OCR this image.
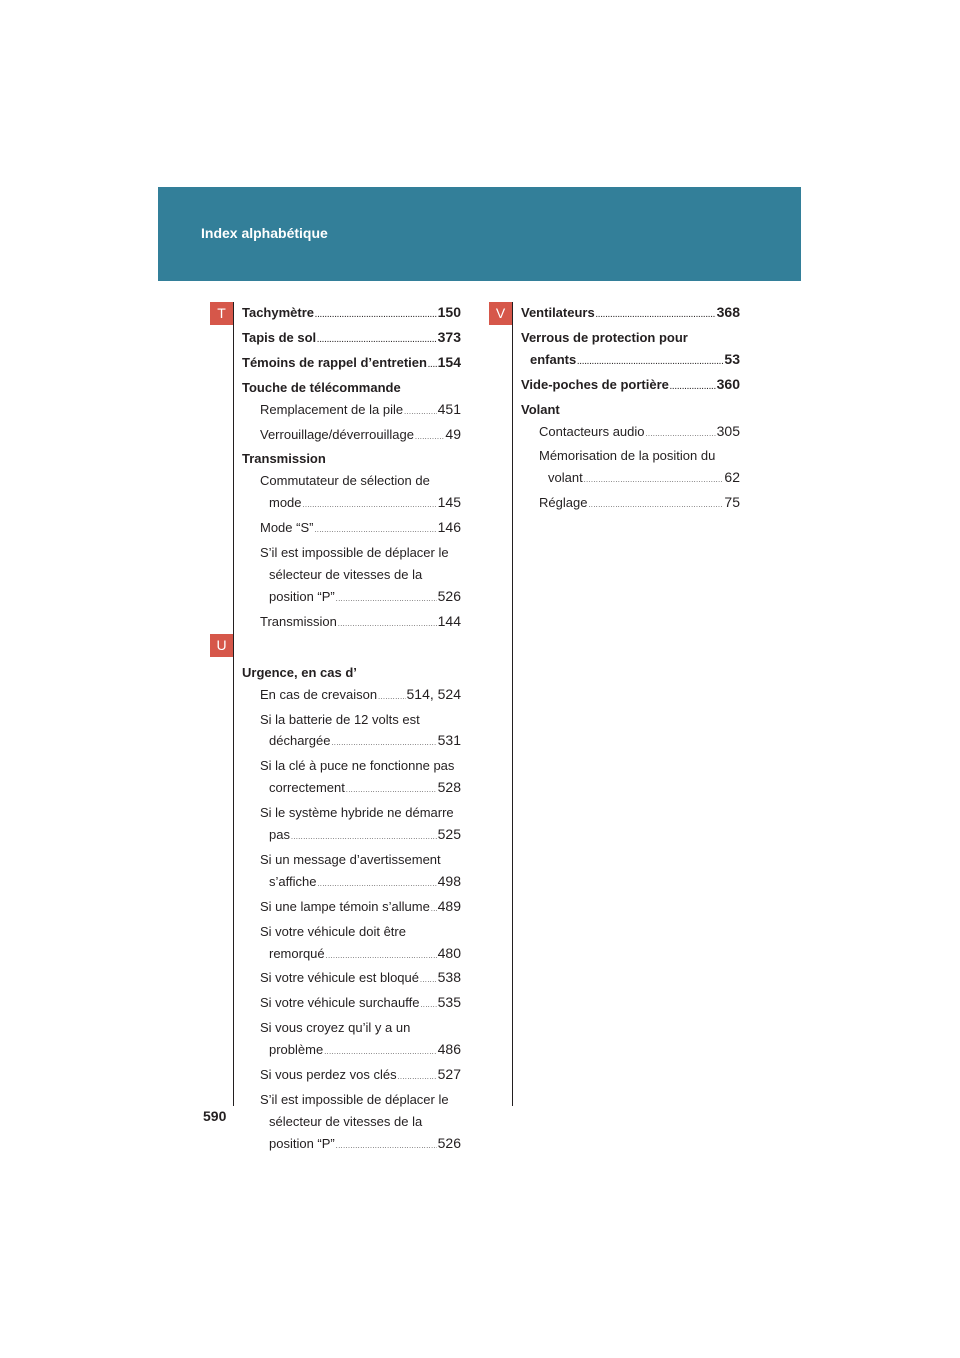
Index alphabétique
T
U
V
Tachymètre .....	150
Tapis de sol .....	373
Témoins de rappel d’entretien ..... 154
Touche de télécommande
Remplacement de la pile ..... 451
Verrouillage/déverrouillage ..... 49
Transmission
Commutateur de sélection de
mode .....	145
Mode “S” .....	146
S’il est impossible de déplacer le
sélecteur de vitesses de la
position “P” .....	526
Transmission .....	144
Urgence, en cas d’
En cas de crevaison ..... 514, 524
Si la batterie de 12 volts est
déchargée .....	531
Si la clé à puce ne fonctionne pas
correctement .....	528
Si le système hybride ne démarre
pas .....	525
Si un message d’avertissement
s’affiche .....	498
Si une lampe témoin s’allume ..... 489
Si votre véhicule doit être
remorqué .....	480
Si votre véhicule est bloqué ..... 538
Si votre véhicule surchauffe ..... 535
Si vous croyez qu’il y a un
problème .....	486
Si vous perdez vos clés .....	527
S’il est impossible de déplacer le
sélecteur de vitesses de la
position “P” .....	526
Ventilateurs .....	368
Verrous de protection pour
enfants .....	53
Vide-poches de portière .....	360
Volant
Contacteurs audio .....	305
Mémorisation de la position du
volant .....	62
Réglage .....	75
590
